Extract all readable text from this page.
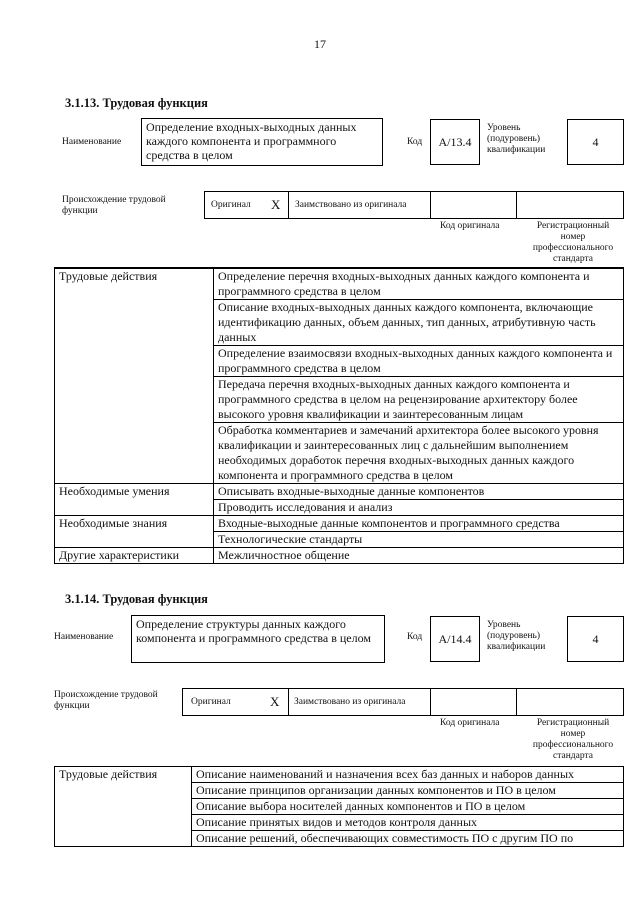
17
3.1.13. Трудовая функция
Наименование
Определение входных-выходных данных каждого компонента и программного средства в целом
Код A/13.4
Уровень (подуровень) квалификации
4
Происхождение трудовой функции
Оригинал X Заимствовано из оригинала
Код оригинала	Регистрационный номер профессионального стандарта
Трудовые действия	Определение перечня входных-выходных данных каждого компонента и программного средства в целом
	Описание входных-выходных данных каждого компонента, включающие идентификацию данных, объем данных, тип данных, атрибутивную часть данных
	Определение взаимосвязи входных-выходных данных каждого компонента и программного средства в целом
	Передача перечня входных-выходных данных каждого компонента и программного средства в целом на рецензирование архитектору более высокого уровня квалификации и заинтересованным лицам
	Обработка комментариев и замечаний архитектора более высокого уровня квалификации и заинтересованных лиц с дальнейшим выполнением необходимых доработок перечня входных-выходных данных каждого компонента и программного средства в целом
Необходимые умения	Описывать входные-выходные данные компонентов
	Проводить исследования и анализ
Необходимые знания	Входные-выходные данные компонентов и программного средства
	Технологические стандарты
Другие характеристики	Межличностное общение
3.1.14. Трудовая функция
Наименование
Определение структуры данных каждого компонента и программного средства в целом	Код A/14.4
Уровень (подуровень) квалификации
4
Происхождение трудовой функции	Оригинал	X Заимствовано из оригинала
Код оригинала	Регистрационный номер профессионального стандарта
Трудовые действия	Описание наименований и назначения всех баз данных и наборов данных
Описание принципов организации данных компонентов и ПО в целом
Описание выбора носителей данных компонентов и ПО в целом
Описание принятых видов и методов контроля данных
Описание решений, обеспечивающих совместимость ПО с другим ПО по
